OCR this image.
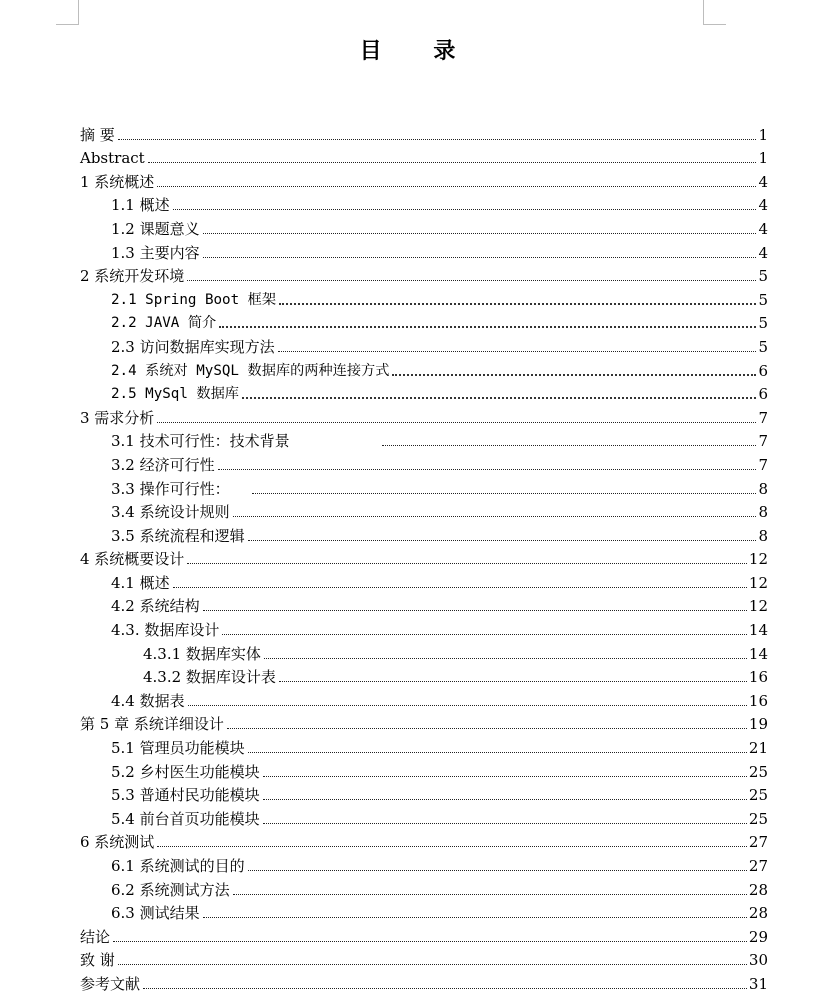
目 录
摘 要	1
Abstract	1
1 系统概述	4
1.1 概述	4
1.2 课题意义	4
1.3 主要内容	4
2 系统开发环境	5
2.1 Spring Boot 框架	5
2.2 JAVA 简介	5
2.3 访问数据库实现方法	5
2.4 系统对 MySQL 数据库的两种连接方式	6
2.5 MySql 数据库	6
3 需求分析	7
3.1 技术可行性：技术背景	7
3.2 经济可行性	7
3.3 操作可行性：	8
3.4 系统设计规则	8
3.5 系统流程和逻辑	8
4 系统概要设计	12
4.1 概述	12
4.2 系统结构	12
4.3. 数据库设计	14
4.3.1 数据库实体	14
4.3.2 数据库设计表	16
4.4 数据表	16
第 5 章 系统详细设计	19
5.1 管理员功能模块	21
5.2 乡村医生功能模块	25
5.3 普通村民功能模块	25
5.4 前台首页功能模块	25
6 系统测试	27
6.1 系统测试的目的	27
6.2 系统测试方法	28
6.3 测试结果	28
结论	29
致 谢	30
参考文献	31
